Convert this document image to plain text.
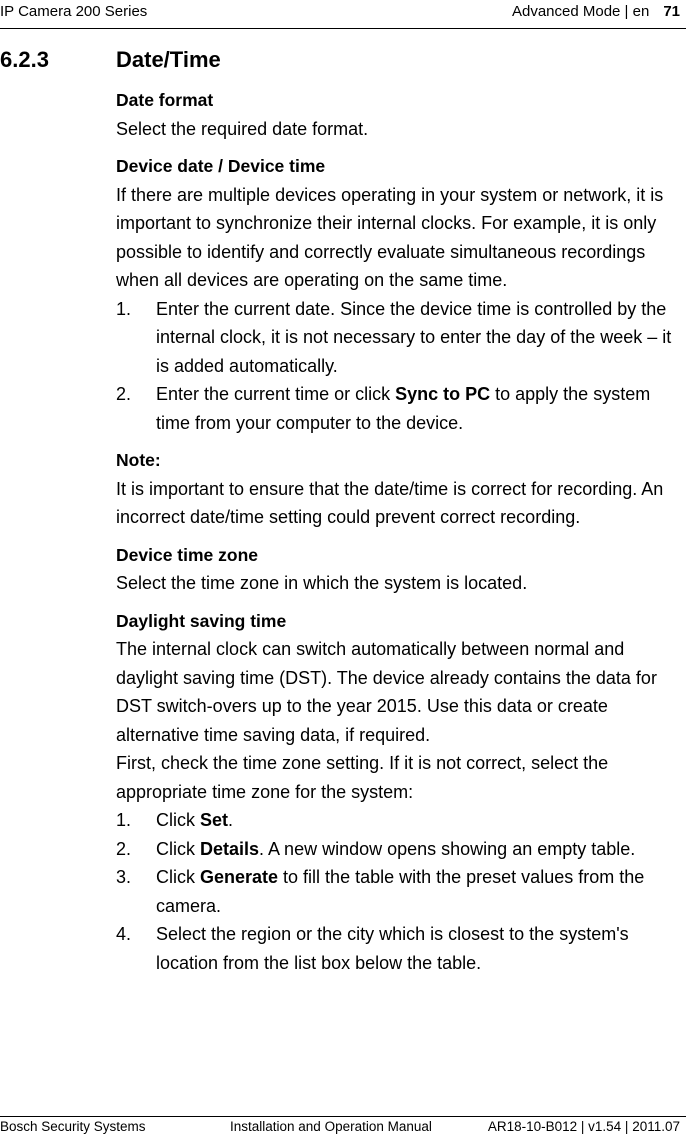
IP Camera 200 Series	Advanced Mode | en 71
6.2.3	Date/Time

Date format

Select the required date format.

Device date / Device time

If there are multiple devices operating in your system or network, it is important to synchronize their internal clocks. For example, it is only possible to identify and correctly evaluate simultaneous recordings when all devices are operating on the same time.

1. Enter the current date. Since the device time is controlled by the internal clock, it is not necessary to enter the day of the week – it is added automatically.
2. Enter the current time or click Sync to PC to apply the system time from your computer to the device.

Note:

It is important to ensure that the date/time is correct for recording. An incorrect date/time setting could prevent correct recording.

Device time zone

Select the time zone in which the system is located.

Daylight saving time

The internal clock can switch automatically between normal and daylight saving time (DST). The device already contains the data for DST switch-overs up to the year 2015. Use this data or create alternative time saving data, if required.

First, check the time zone setting. If it is not correct, select the appropriate time zone for the system:

1. Click Set.
2. Click Details. A new window opens showing an empty table.
3. Click Generate to fill the table with the preset values from the camera.
4. Select the region or the city which is closest to the system's location from the list box below the table.
Bosch Security Systems	Installation and Operation Manual	AR18-10-B012 | v1.54 | 2011.07
